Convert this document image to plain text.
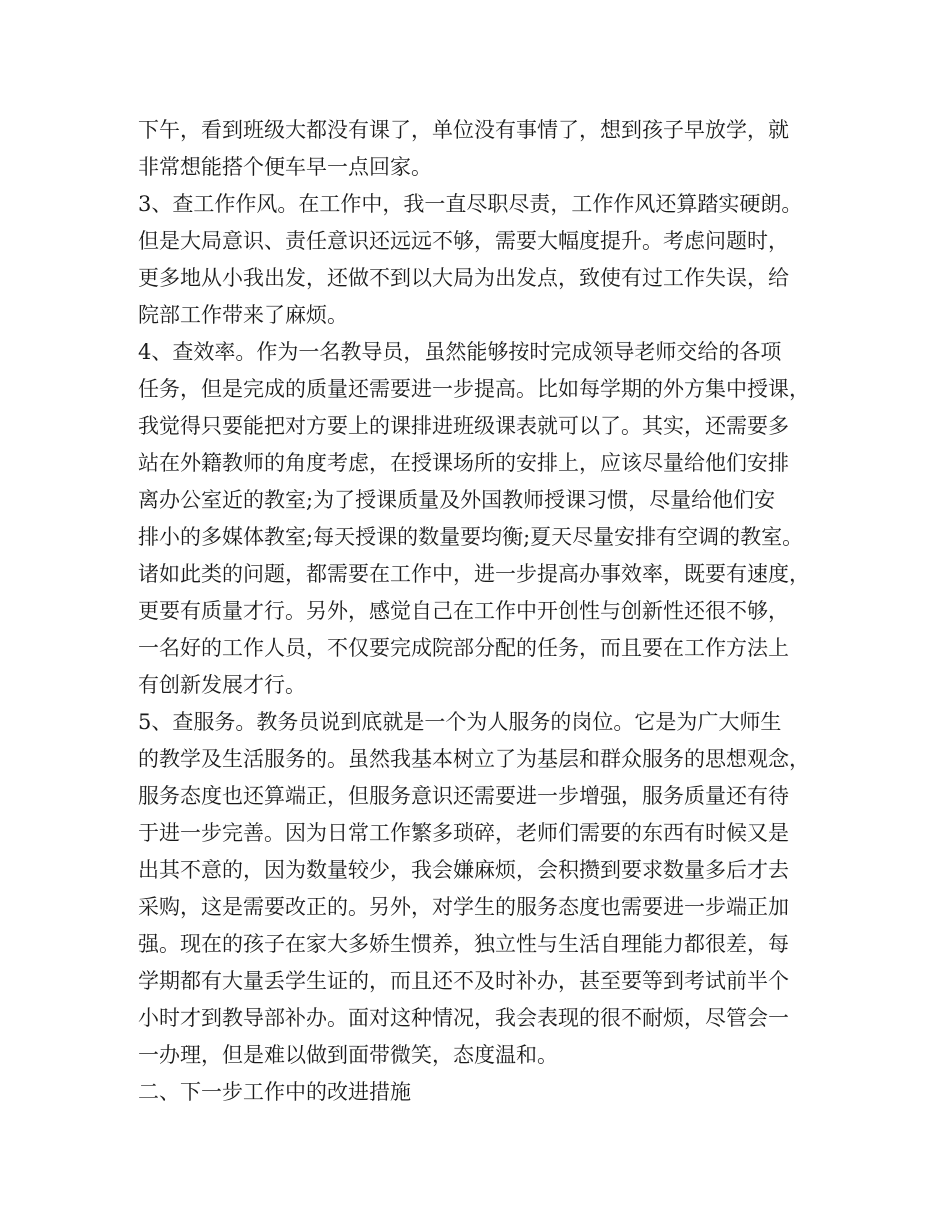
下午，看到班级大都没有课了，单位没有事情了，想到孩子早放学，就
非常想能搭个便车早一点回家。
3、查工作作风。在工作中，我一直尽职尽责，工作作风还算踏实硬朗。
但是大局意识、责任意识还远远不够，需要大幅度提升。考虑问题时，
更多地从小我出发，还做不到以大局为出发点，致使有过工作失误，给
院部工作带来了麻烦。
4、查效率。作为一名教导员，虽然能够按时完成领导老师交给的各项
任务，但是完成的质量还需要进一步提高。比如每学期的外方集中授课，
我觉得只要能把对方要上的课排进班级课表就可以了。其实，还需要多
站在外籍教师的角度考虑，在授课场所的安排上，应该尽量给他们安排
离办公室近的教室;为了授课质量及外国教师授课习惯，尽量给他们安
排小的多媒体教室;每天授课的数量要均衡;夏天尽量安排有空调的教室。
诸如此类的问题，都需要在工作中，进一步提高办事效率，既要有速度，
更要有质量才行。另外，感觉自己在工作中开创性与创新性还很不够，
一名好的工作人员，不仅要完成院部分配的任务，而且要在工作方法上
有创新发展才行。
5、查服务。教务员说到底就是一个为人服务的岗位。它是为广大师生
的教学及生活服务的。虽然我基本树立了为基层和群众服务的思想观念，
服务态度也还算端正，但服务意识还需要进一步增强，服务质量还有待
于进一步完善。因为日常工作繁多琐碎，老师们需要的东西有时候又是
出其不意的，因为数量较少，我会嫌麻烦，会积攒到要求数量多后才去
采购，这是需要改正的。另外，对学生的服务态度也需要进一步端正加
强。现在的孩子在家大多娇生惯养，独立性与生活自理能力都很差，每
学期都有大量丢学生证的，而且还不及时补办，甚至要等到考试前半个
小时才到教导部补办。面对这种情况，我会表现的很不耐烦，尽管会一
一办理，但是难以做到面带微笑，态度温和。
二、下一步工作中的改进措施
